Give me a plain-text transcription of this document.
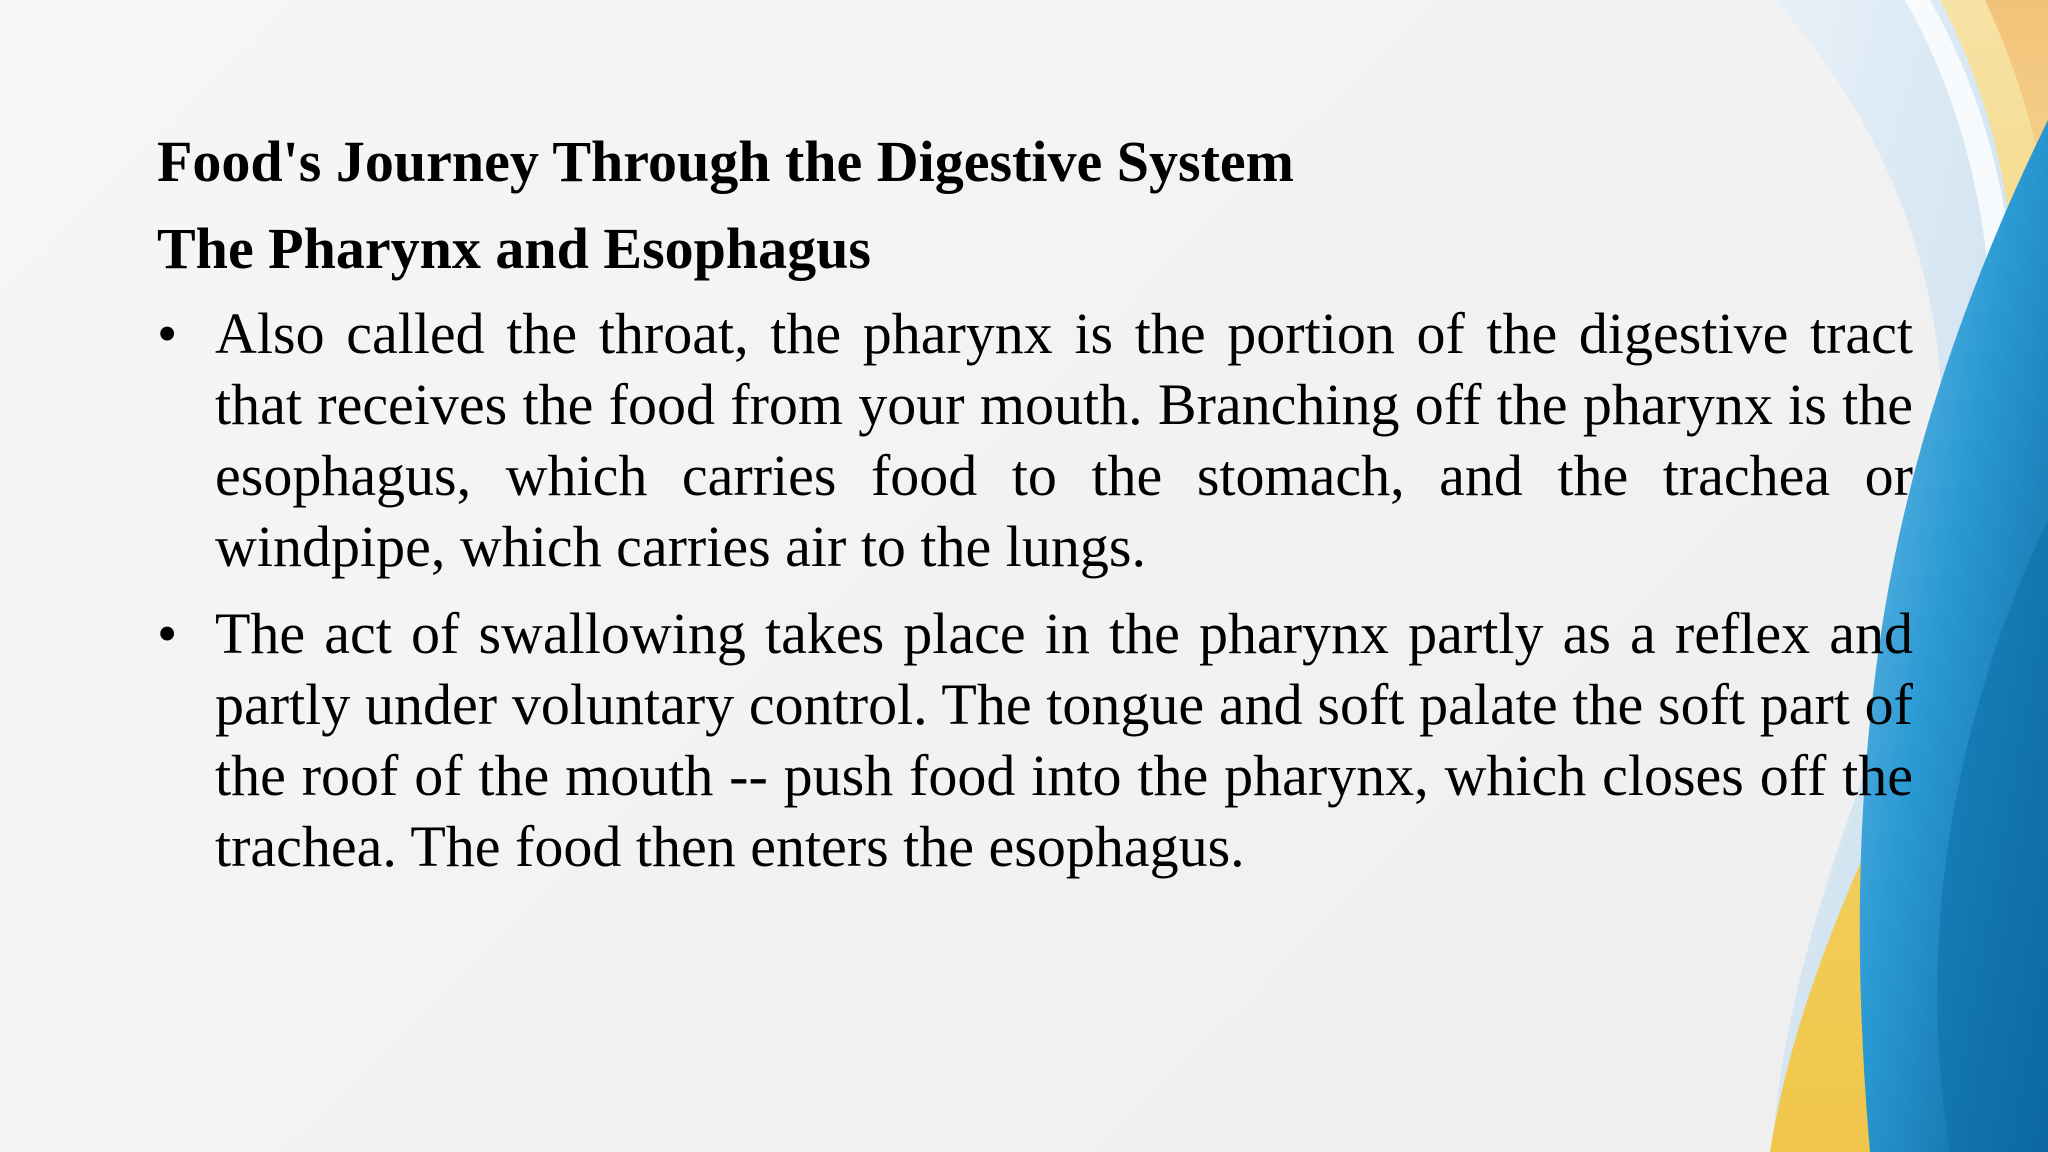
Food's Journey Through the Digestive System
The Pharynx and Esophagus
• Also called the throat, the pharynx is the portion of the digestive tract that receives the food from your mouth. Branching off the pharynx is the esophagus, which carries food to the stomach, and the trachea or windpipe, which carries air to the lungs.
• The act of swallowing takes place in the pharynx partly as a reflex and partly under voluntary control. The tongue and soft palate the soft part of the roof of the mouth -- push food into the pharynx, which closes off the trachea. The food then enters the esophagus.
